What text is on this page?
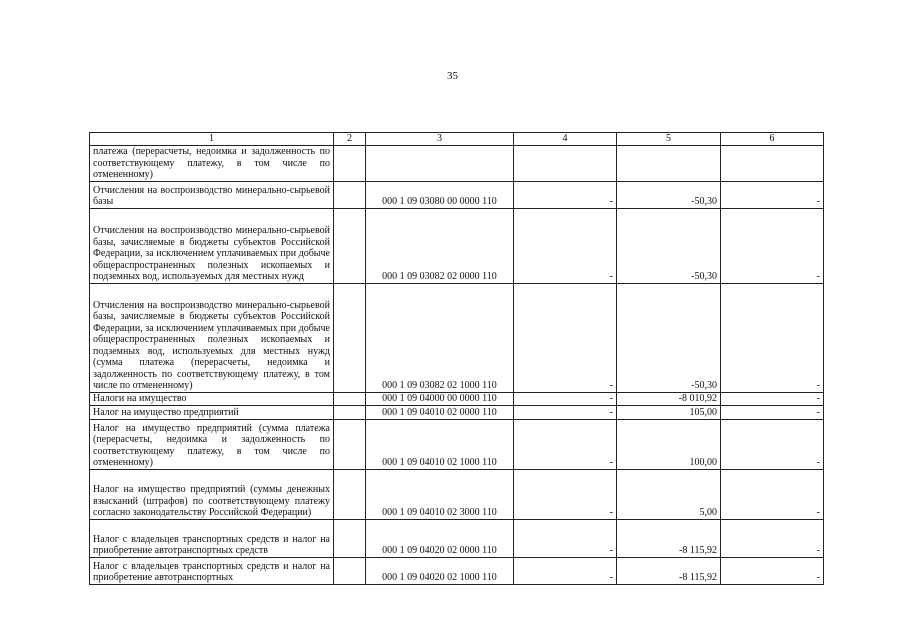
35
1	2	3	4	5	6
платежа (перерасчеты, недоимка и задолженность по соответствующему платежу, в том числе по отмененному)					
Отчисления на воспроизводство минерально-сырьевой базы		000 1 09 03080 00 0000 110	-	-50,30	-
Отчисления на воспроизводство минерально-сырьевой базы, зачисляемые в бюджеты субъектов Российской Федерации, за исключением уплачиваемых при добыче общераспространенных полезных ископаемых и подземных вод, используемых для местных нужд		000 1 09 03082 02 0000 110	-	-50,30	-
Отчисления на воспроизводство минерально-сырьевой базы, зачисляемые в бюджеты субъектов Российской Федерации, за исключением уплачиваемых при добыче общераспространенных полезных ископаемых и подземных вод, используемых для местных нужд (сумма платежа (перерасчеты, недоимка и задолженность по соответствующему платежу, в том числе по отмененному)		000 1 09 03082 02 1000 110	-	-50,30	-
Налоги на имущество		000 1 09 04000 00 0000 110	-	-8 010,92	-
Налог на имущество предприятий		000 1 09 04010 02 0000 110	-	105,00	-
Налог на имущество предприятий (сумма платежа (перерасчеты, недоимка и задолженность по соответствующему платежу, в том числе по отмененному)		000 1 09 04010 02 1000 110	-	100,00	-
Налог на имущество предприятий (суммы денежных взысканий (штрафов) по соответствующему платежу согласно законодательству Российской Федерации)		000 1 09 04010 02 3000 110	-	5,00	-
Налог с владельцев транспортных средств и налог на приобретение автотранспортных средств		000 1 09 04020 02 0000 110	-	-8 115,92	-
Налог с владельцев транспортных средств и налог на приобретение автотранспортных		000 1 09 04020 02 1000 110	-	-8 115,92	-
